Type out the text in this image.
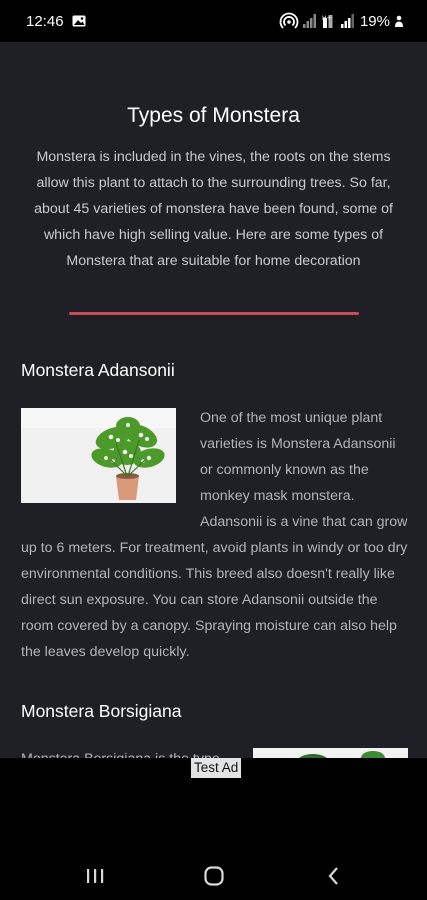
12:46	H+ 19%
Types of Monstera

Monstera is included in the vines, the roots on the stems allow this plant to attach to the surrounding trees. So far, about 45 varieties of monstera have been found, some of which have high selling value. Here are some types of Monstera that are suitable for home decoration

Monstera Adansonii
One of the most unique plant varieties is Monstera Adansonii or commonly known as the monkey mask monstera. Adansonii is a vine that can grow up to 6 meters. For treatment, avoid plants in windy or too dry environmental conditions. This breed also doesn't really like direct sun exposure. You can store Adansonii outside the room covered by a canopy. Spraying moisture can also help the leaves develop quickly.
Monstera Borsigiana

Test Ad
